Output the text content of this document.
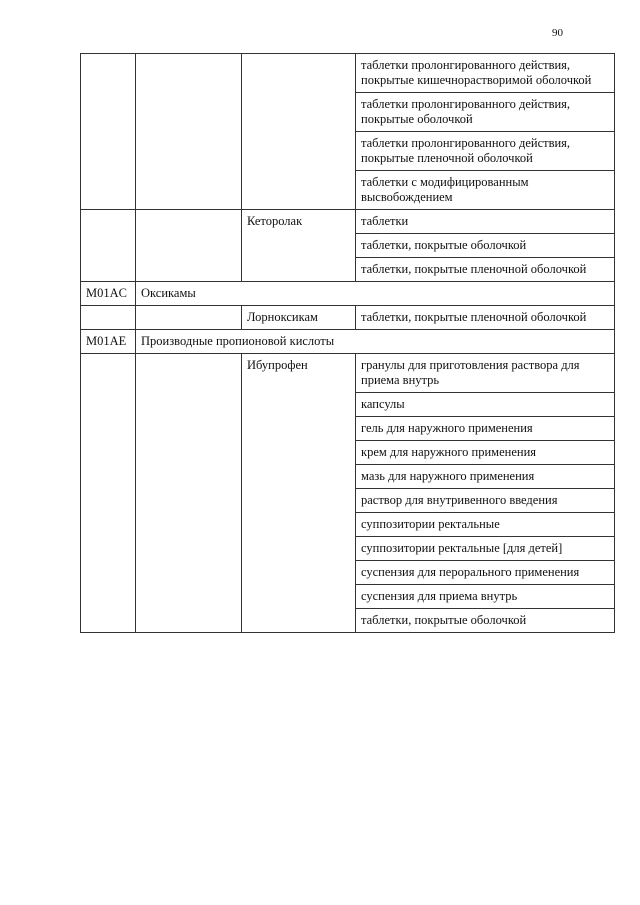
90
			таблетки пролонгированного действия, покрытые кишечнорастворимой оболочкой
			таблетки пролонгированного действия, покрытые оболочкой
			таблетки пролонгированного действия, покрытые пленочной оболочкой
			таблетки с модифицированным высвобождением
		Кеторолак	таблетки
			таблетки, покрытые оболочкой
			таблетки, покрытые пленочной оболочкой
M01AC	Оксикамы		
		Лорноксикам	таблетки, покрытые пленочной оболочкой
M01AE	Производные пропионовой кислоты		
		Ибупрофен	гранулы для приготовления раствора для приема внутрь
			капсулы
			гель для наружного применения
			крем для наружного применения
			мазь для наружного применения
			раствор для внутривенного введения
			суппозитории ректальные
			суппозитории ректальные [для детей]
			суспензия для перорального применения
			суспензия для приема внутрь
			таблетки, покрытые оболочкой
